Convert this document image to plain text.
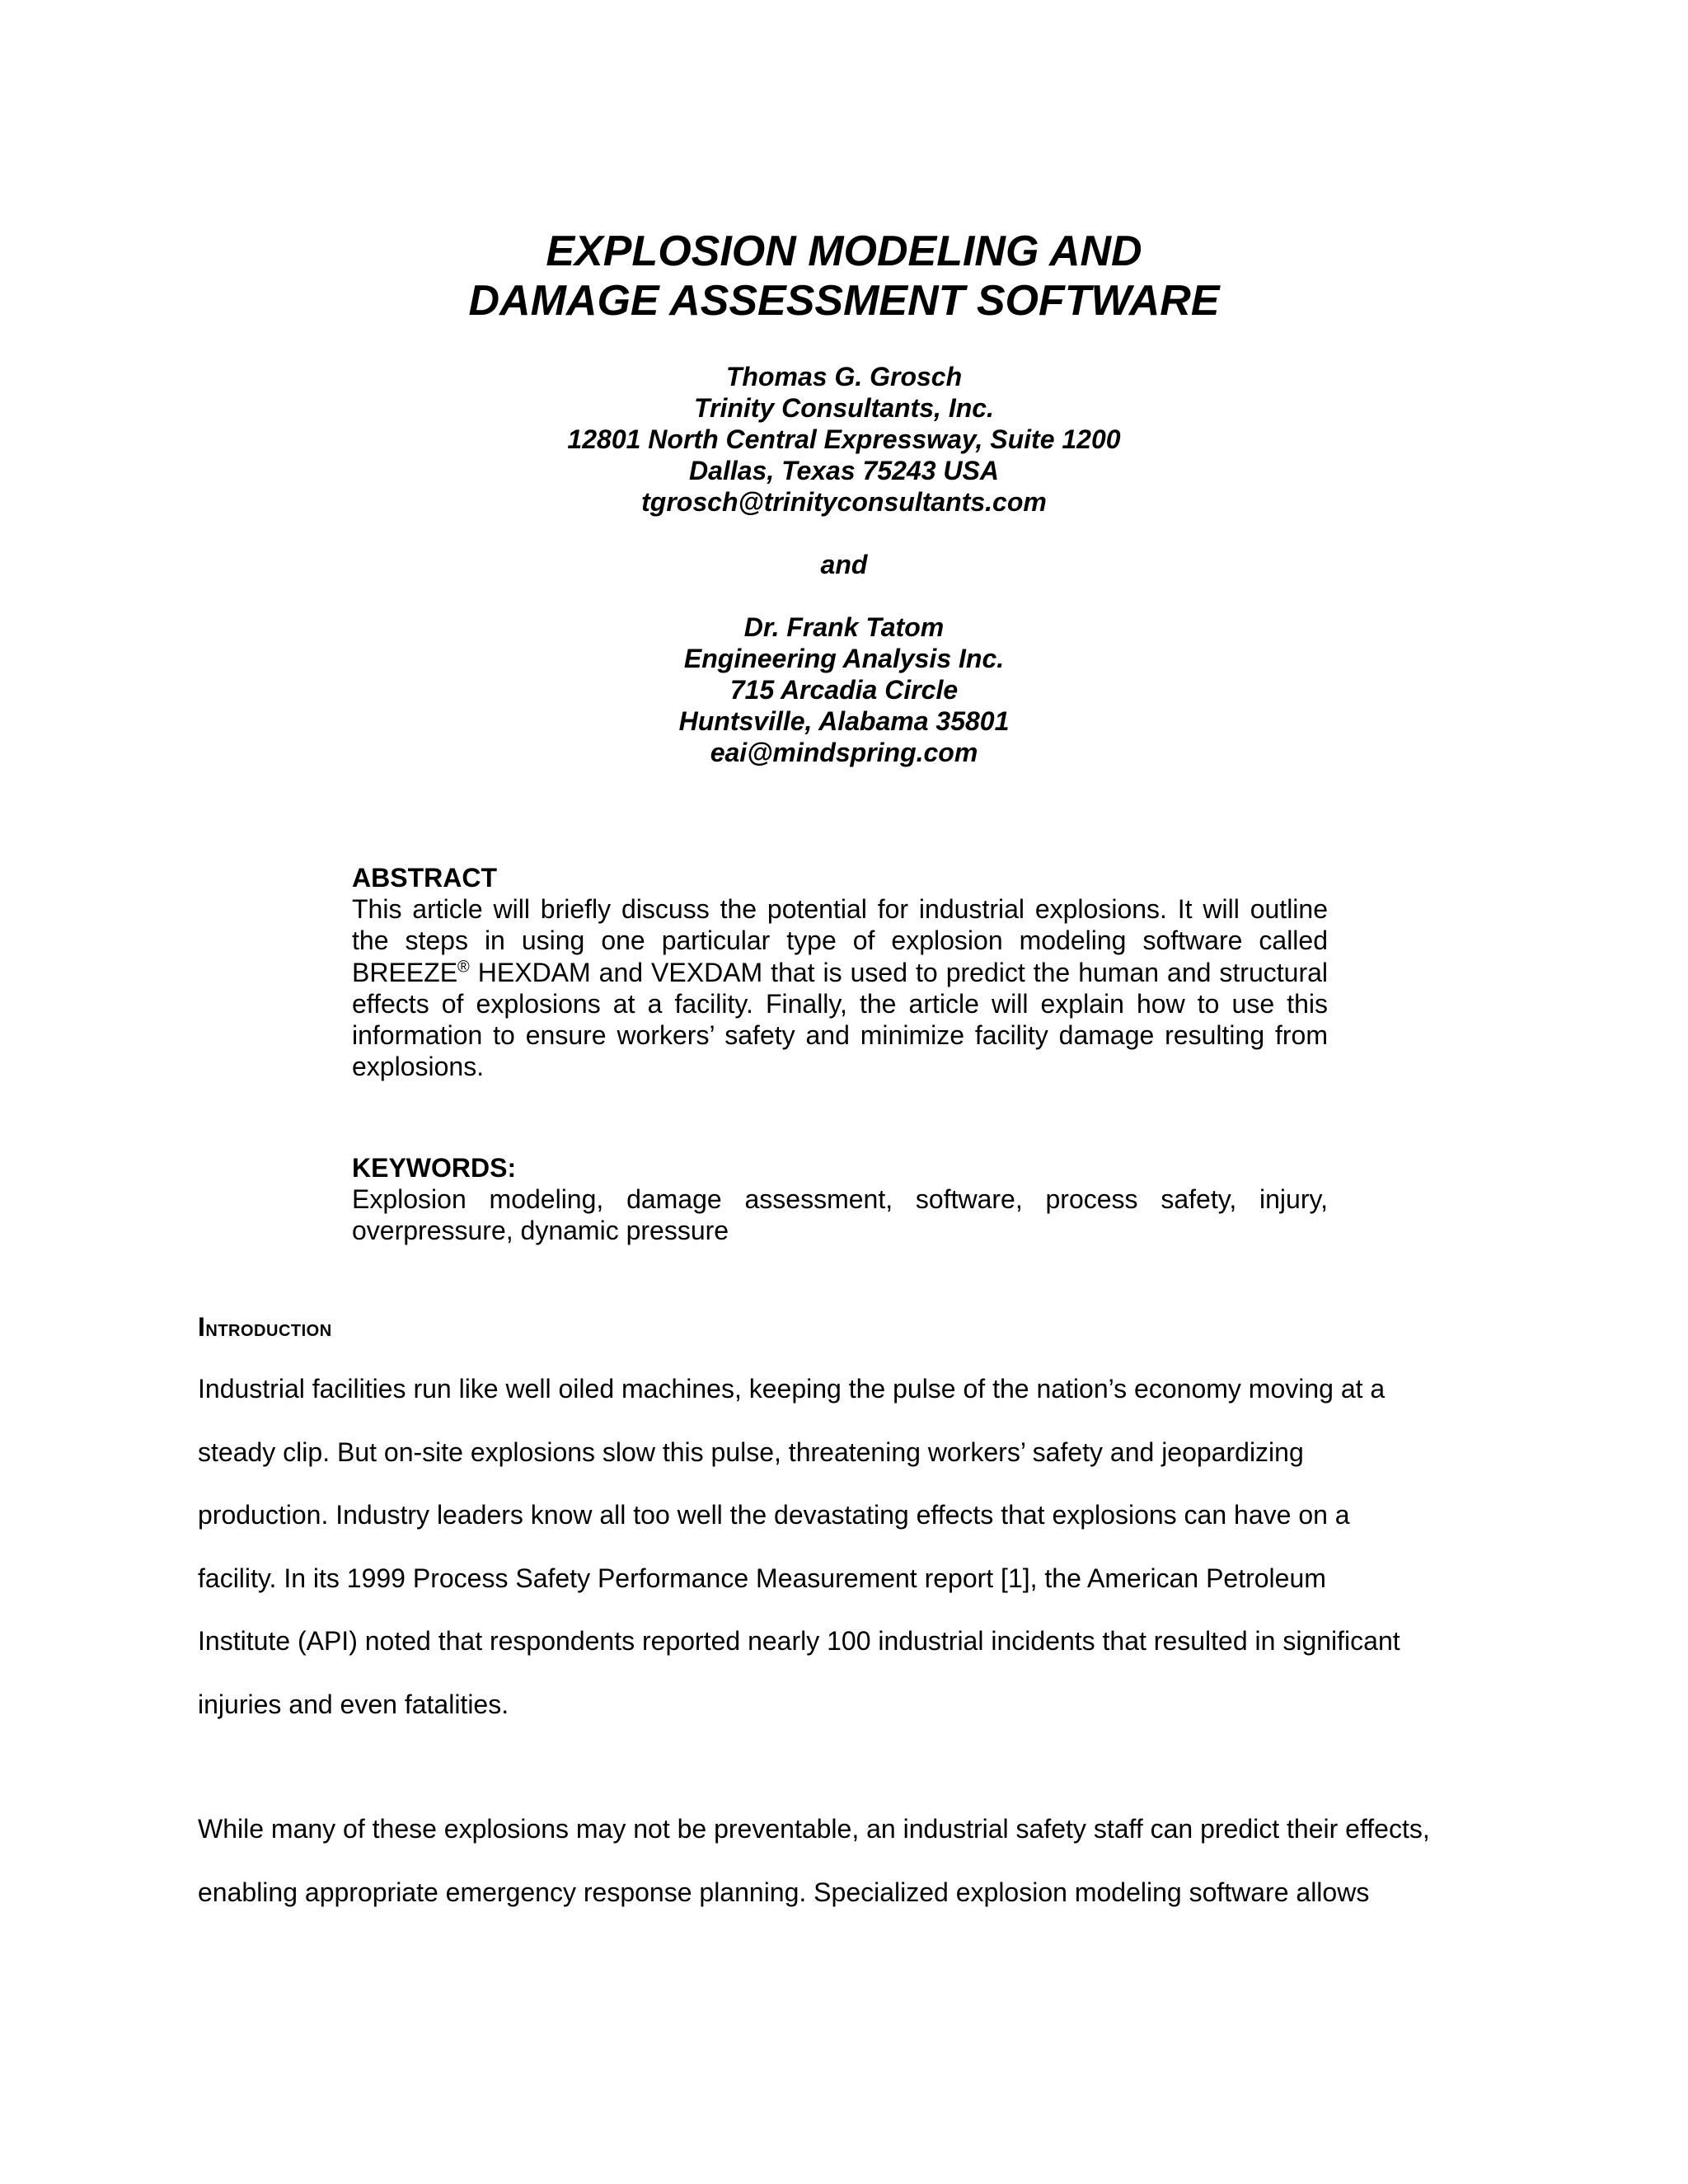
EXPLOSION MODELING AND
DAMAGE ASSESSMENT SOFTWARE
Thomas G. Grosch
Trinity Consultants, Inc.
12801 North Central Expressway, Suite 1200
Dallas, Texas 75243 USA
tgrosch@trinityconsultants.com
and
Dr. Frank Tatom
Engineering Analysis Inc.
715 Arcadia Circle
Huntsville, Alabama 35801
eai@mindspring.com
ABSTRACT
This article will briefly discuss the potential for industrial explosions. It will outline the steps in using one particular type of explosion modeling software called BREEZE® HEXDAM and VEXDAM that is used to predict the human and structural effects of explosions at a facility. Finally, the article will explain how to use this information to ensure workers’ safety and minimize facility damage resulting from explosions.
KEYWORDS:
Explosion modeling, damage assessment, software, process safety, injury, overpressure, dynamic pressure
Introduction
Industrial facilities run like well oiled machines, keeping the pulse of the nation’s economy moving at a
steady clip. But on-site explosions slow this pulse, threatening workers’ safety and jeopardizing
production. Industry leaders know all too well the devastating effects that explosions can have on a
facility. In its 1999 Process Safety Performance Measurement report [1], the American Petroleum
Institute (API) noted that respondents reported nearly 100 industrial incidents that resulted in significant
injuries and even fatalities.
While many of these explosions may not be preventable, an industrial safety staff can predict their effects,
enabling appropriate emergency response planning. Specialized explosion modeling software allows
